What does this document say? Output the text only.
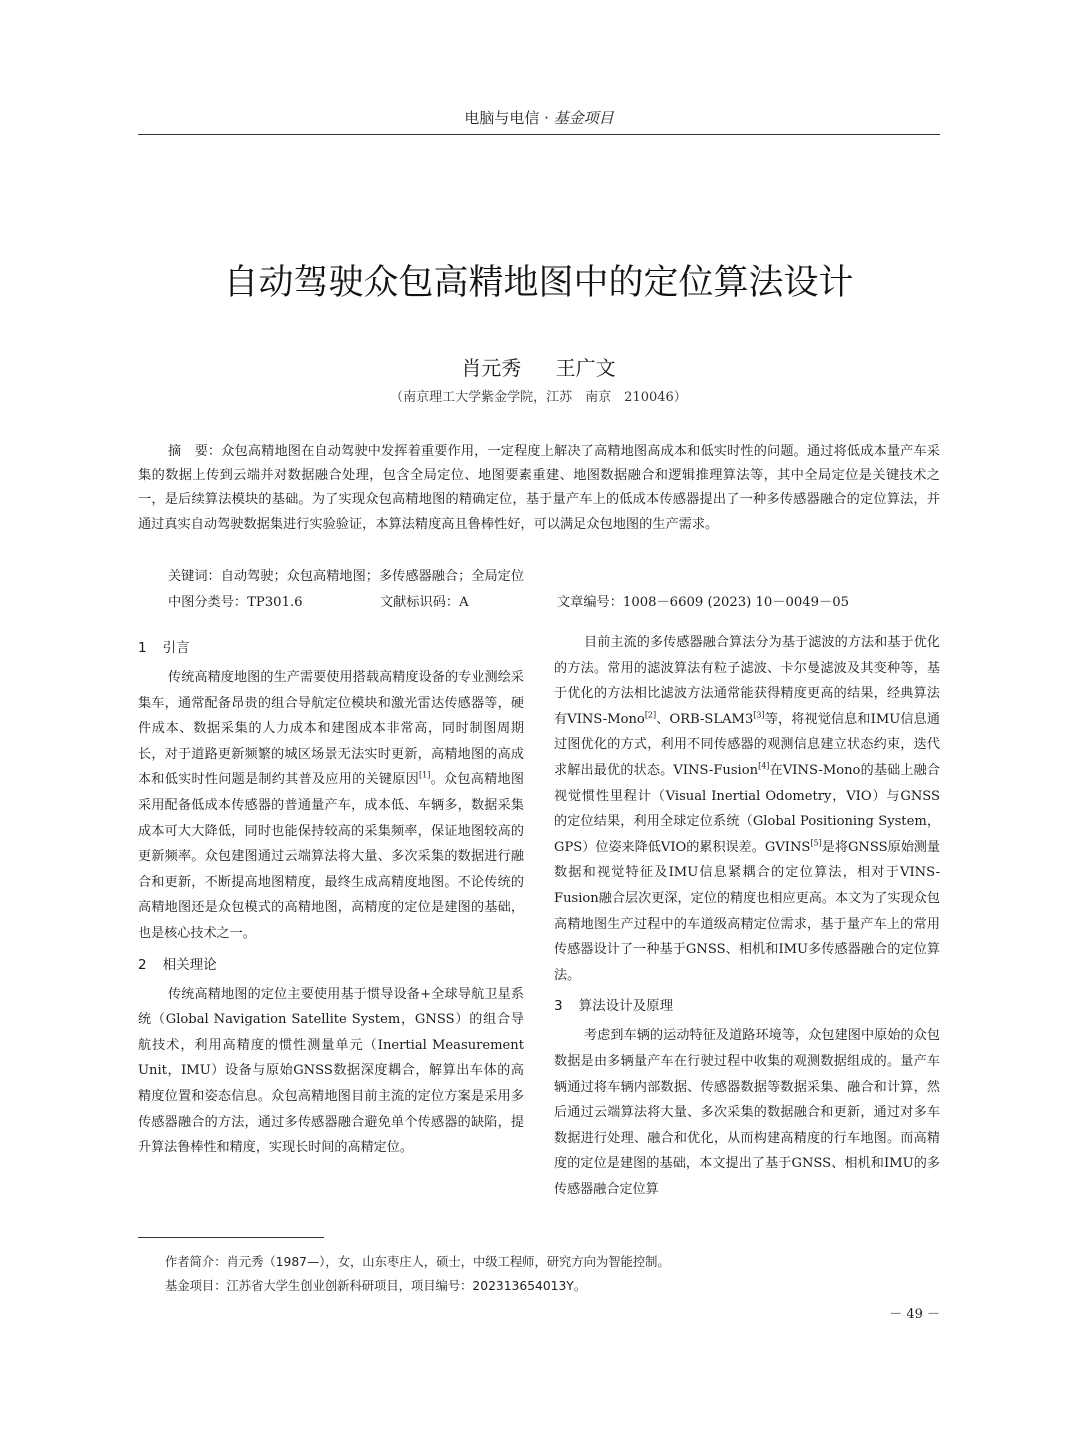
电脑与电信 · 基金项目
自动驾驶众包高精地图中的定位算法设计
肖元秀 王广文
（南京理工大学紫金学院，江苏　南京　210046）

摘　要：众包高精地图在自动驾驶中发挥着重要作用，一定程度上解决了高精地图高成本和低实时性的问题。通过将低成本量产车采集的数据上传到云端并对数据融合处理，包含全局定位、地图要素重建、地图数据融合和逻辑推理算法等，其中全局定位是关键技术之一，是后续算法模块的基础。为了实现众包高精地图的精确定位，基于量产车上的低成本传感器提出了一种多传感器融合的定位算法，并通过真实自动驾驶数据集进行实验验证，本算法精度高且鲁棒性好，可以满足众包地图的生产需求。

关键词：自动驾驶；众包高精地图；多传感器融合；全局定位
中图分类号：TP301.6	文献标识码：A	文章编号：1008－6609 (2023) 10－0049－05
1 引言

传统高精度地图的生产需要使用搭载高精度设备的专业测绘采集车，通常配备昂贵的组合导航定位模块和激光雷达传感器等，硬件成本、数据采集的人力成本和建图成本非常高，同时制图周期长，对于道路更新频繁的城区场景无法实时更新，高精地图的高成本和低实时性问题是制约其普及应用的关键原因[1]。众包高精地图采用配备低成本传感器的普通量产车，成本低、车辆多，数据采集成本可大大降低，同时也能保持较高的采集频率，保证地图较高的更新频率。众包建图通过云端算法将大量、多次采集的数据进行融合和更新，不断提高地图精度，最终生成高精度地图。不论传统的高精地图还是众包模式的高精地图，高精度的定位是建图的基础，也是核心技术之一。

2 相关理论

传统高精地图的定位主要使用基于惯导设备+全球导航卫星系统（Global Navigation Satellite System，GNSS）的组合导航技术，利用高精度的惯性测量单元（Inertial Measurement Unit，IMU）设备与原始GNSS数据深度耦合，解算出车体的高精度位置和姿态信息。众包高精地图目前主流的定位方案是采用多传感器融合的方法，通过多传感器融合避免单个传感器的缺陷，提升算法鲁棒性和精度，实现长时间的高精定位。

目前主流的多传感器融合算法分为基于滤波的方法和基于优化的方法。常用的滤波算法有粒子滤波、卡尔曼滤波及其变种等，基于优化的方法相比滤波方法通常能获得精度更高的结果，经典算法有VINS-Mono[2]、ORB-SLAM3[3]等，将视觉信息和IMU信息通过图优化的方式，利用不同传感器的观测信息建立状态约束，迭代求解出最优的状态。VINS-Fusion[4]在VINS-Mono的基础上融合视觉惯性里程计（Visual Inertial Odometry，VIO）与GNSS的定位结果，利用全球定位系统（Global Positioning System，GPS）位姿来降低VIO的累积误差。GVINS[5]是将GNSS原始测量数据和视觉特征及IMU信息紧耦合的定位算法，相对于VINS-Fusion融合层次更深，定位的精度也相应更高。本文为了实现众包高精地图生产过程中的车道级高精定位需求，基于量产车上的常用传感器设计了一种基于GNSS、相机和IMU多传感器融合的定位算法。

3 算法设计及原理

考虑到车辆的运动特征及道路环境等，众包建图中原始的众包数据是由多辆量产车在行驶过程中收集的观测数据组成的。量产车辆通过将车辆内部数据、传感器数据等数据采集、融合和计算，然后通过云端算法将大量、多次采集的数据融合和更新，通过对多车数据进行处理、融合和优化，从而构建高精度的行车地图。而高精度的定位是建图的基础，本文提出了基于GNSS、相机和IMU的多传感器融合定位算

作者简介：肖元秀（1987—），女，山东枣庄人，硕士，中级工程师，研究方向为智能控制。
基金项目：江苏省大学生创业创新科研项目，项目编号：202313654013Y。
－ 49 －
